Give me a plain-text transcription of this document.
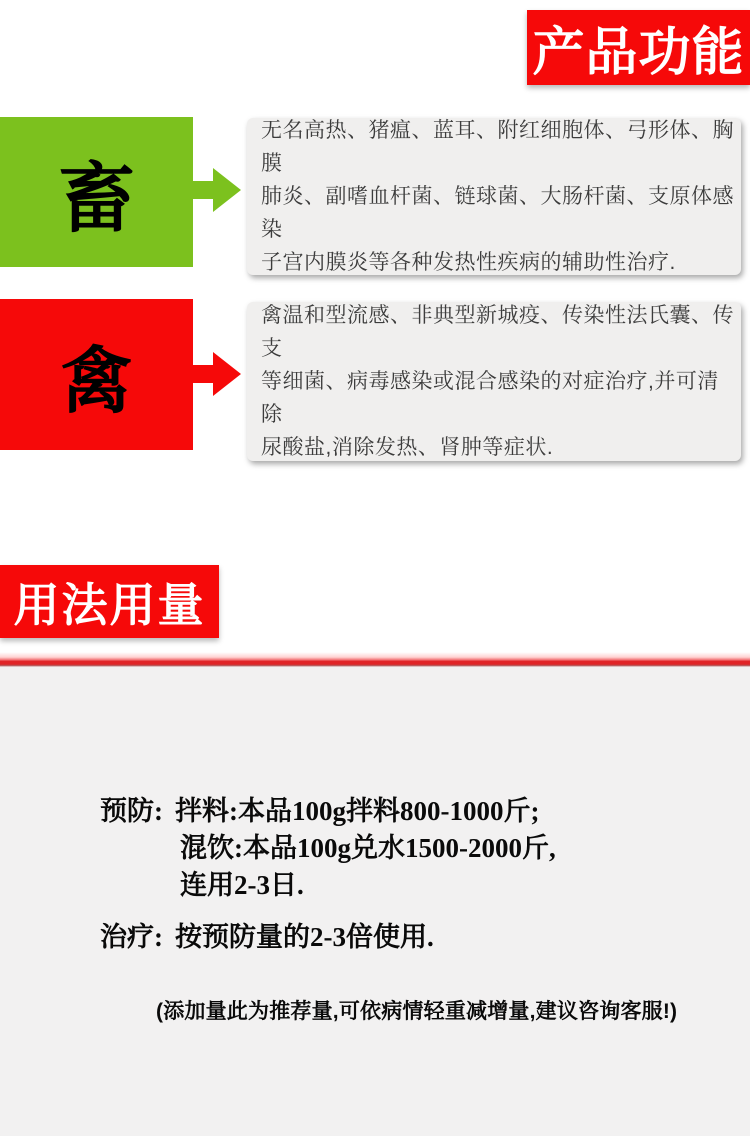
产品功能
畜
无名高热、猪瘟、蓝耳、附红细胞体、弓形体、胸膜
肺炎、副嗜血杆菌、链球菌、大肠杆菌、支原体感染
子宫内膜炎等各种发热性疾病的辅助性治疗.
禽
禽温和型流感、非典型新城疫、传染性法氏囊、传支
等细菌、病毒感染或混合感染的对症治疗,并可清除
尿酸盐,消除发热、肾肿等症状.
用法用量
预防: 拌料:本品100g拌料800-1000斤;
混饮:本品100g兑水1500-2000斤,
连用2-3日.
治疗: 按预防量的2-3倍使用.
(添加量此为推荐量,可依病情轻重减增量,建议咨询客服!)
